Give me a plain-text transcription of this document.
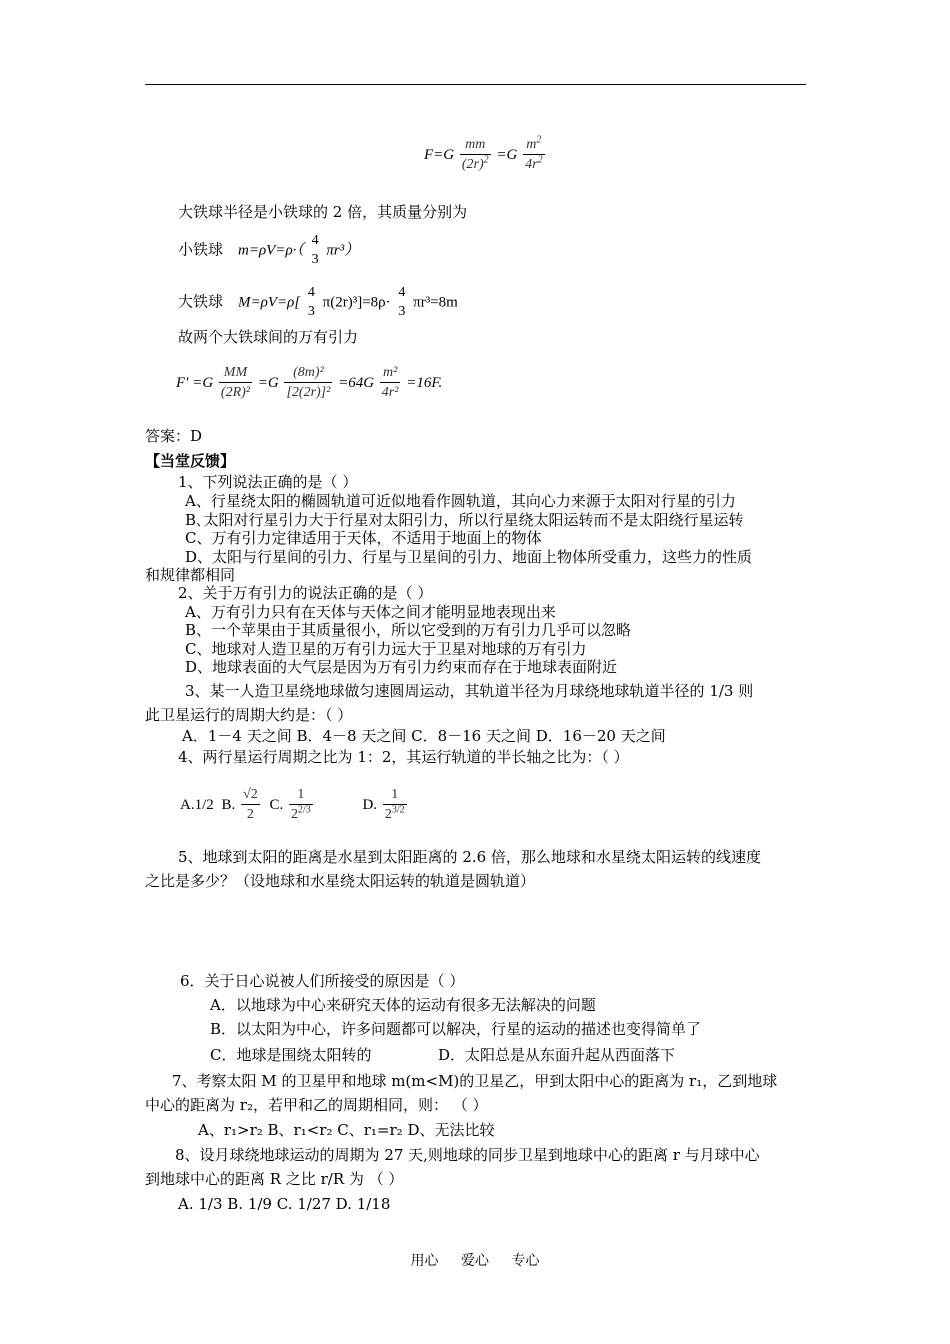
$F=G \frac{mm}{(2r)^2} =G \frac{m^2}{4r^2}$
大铁球半径是小铁球的 2 倍，其质量分别为
小铁球 m=ρV=ρ·（
4
3
πr³）
大铁球 M=ρV=ρ[
4
3
π(2r)³]=8ρ·
4
3
πr³=8m
故两个大铁球间的万有引力
$F' =G \frac{MM}{\text{(2R)²}} =G \frac{\text{(8m)²}}{\text{[2(2r)]²}} =64G \frac{\text{m²}}{\text{4r²}} =16F$.
答案：D
【当堂反馈】
1、下列说法正确的是（ ）
A、行星绕太阳的椭圆轨道可近似地看作圆轨道，其向心力来源于太阳对行星的引力
B､太阳对行星引力大于行星对太阳引力，所以行星绕太阳运转而不是太阳绕行星运转
C、万有引力定律适用于天体，不适用于地面上的物体
D、太阳与行星间的引力、行星与卫星间的引力、地面上物体所受重力，这些力的性质
和规律都相同
2、关于万有引力的说法正确的是（ ）
A、万有引力只有在天体与天体之间才能明显地表现出来
B、一个苹果由于其质量很小，所以它受到的万有引力几乎可以忽略
C、地球对人造卫星的万有引力远大于卫星对地球的万有引力
D、地球表面的大气层是因为万有引力约束而存在于地球表面附近
3、某一人造卫星绕地球做匀速圆周运动，其轨道半径为月球绕地球轨道半径的 1/3 则
此卫星运行的周期大约是：（ ）
A．1－4 天之间 B．4－8 天之间 C．8－16 天之间 D．16－20 天之间
4、两行星运行周期之比为 1：2，其运行轨道的半长轴之比为：（ ）
A.1/2 B. $\frac{√2}{2} C$. $\frac{1}{2^{2/3}}$	D. $\frac{1}{2^{3/2}}$
5、地球到太阳的距离是水星到太阳距离的 2.6 倍，那么地球和水星绕太阳运转的线速度
之比是多少？（设地球和水星绕太阳运转的轨道是圆轨道）
6．关于日心说被人们所接受的原因是（ ）
A．以地球为中心来研究天体的运动有很多无法解决的问题
B．以太阳为中心，许多问题都可以解决，行星的运动的描述也变得简单了
C．地球是围绕太阳转的	D．太阳总是从东面升起从西面落下
7、考察太阳 M 的卫星甲和地球 m(m<M)的卫星乙，甲到太阳中心的距离为 r₁，乙到地球
中心的距离为 r₂，若甲和乙的周期相同，则： （ ）
A、r₁>r₂ B、r₁<r₂ C、r₁=r₂ D、无法比较
8、设月球绕地球运动的周期为 27 天,则地球的同步卫星到地球中心的距离 r 与月球中心
到地球中心的距离 R 之比 r/R 为 （ ）
A. 1/3 B. 1/9 C. 1/27 D. 1/18
用心 爱心 专心
